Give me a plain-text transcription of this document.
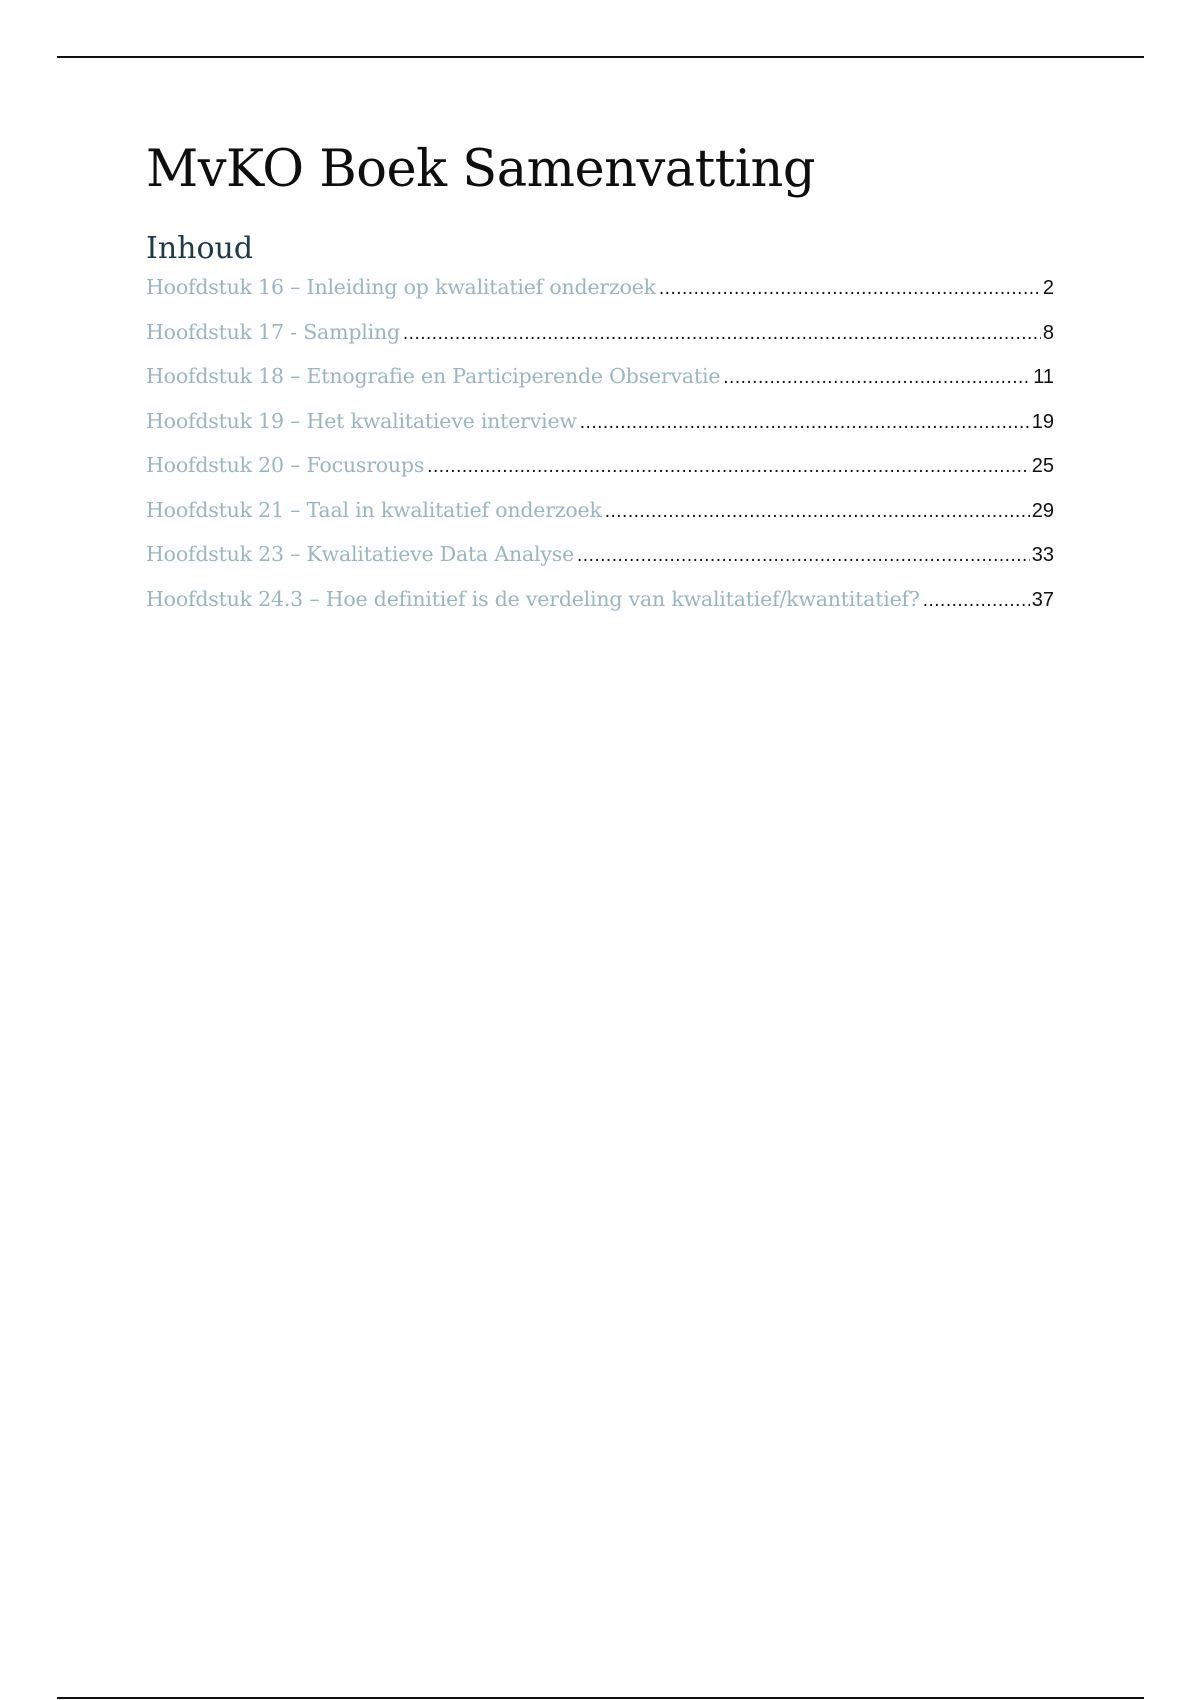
MvKO Boek Samenvatting
Inhoud
Hoofdstuk 16 – Inleiding op kwalitatief onderzoek .....	2
Hoofdstuk 17 - Sampling .....	8
Hoofdstuk 18 – Etnografie en Participerende Observatie .....	11
Hoofdstuk 19 – Het kwalitatieve interview .....	19
Hoofdstuk 20 – Focusroups .....	25
Hoofdstuk 21 – Taal in kwalitatief onderzoek .....	29
Hoofdstuk 23 – Kwalitatieve Data Analyse .....	33
Hoofdstuk 24.3 – Hoe definitief is de verdeling van kwalitatief/kwantitatief? .....	37
